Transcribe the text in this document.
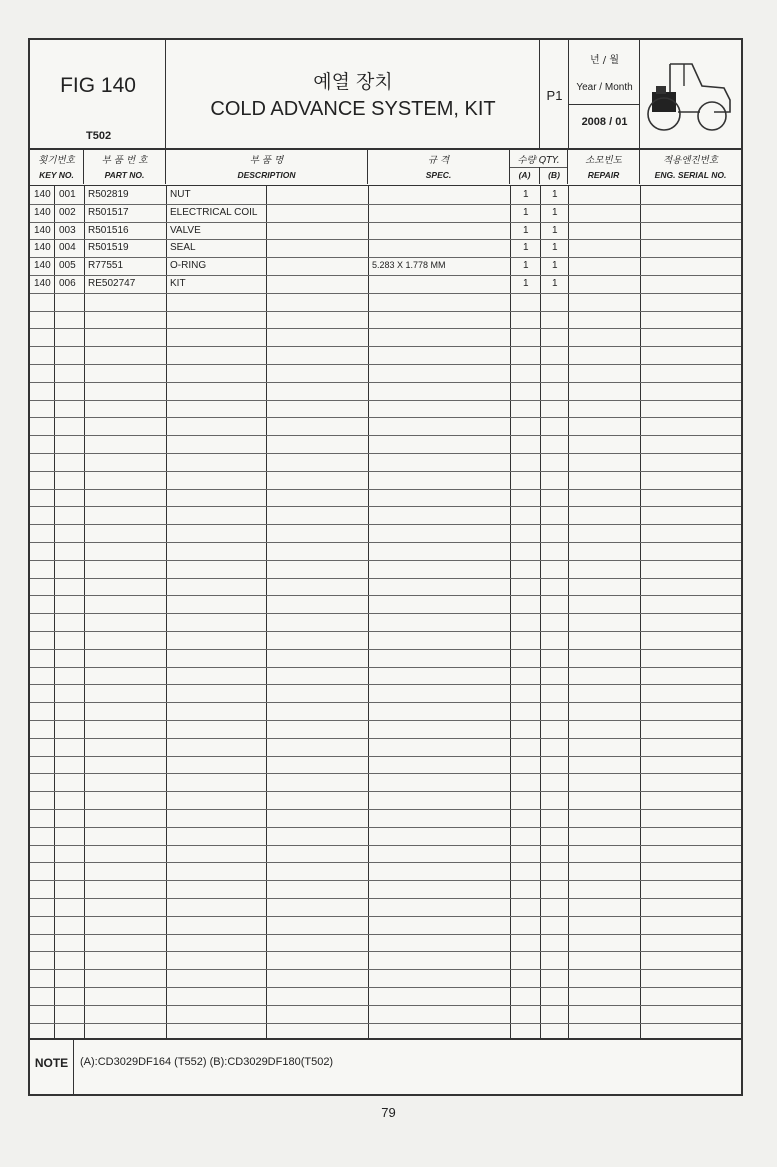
FIG 140
T502
예열 장치
COLD ADVANCE SYSTEM, KIT
P1
년 / 월
Year / Month
2008 / 01
횟기번호
KEY NO.
부 품 번 호
PART NO.
부 품 명
DESCRIPTION
규 격
SPEC.
수량 QTY.
(A)	(B)
소모빈도
REPAIR
적용엔진번호
ENG. SERIAL NO.
140 001 R502819	NUT	1 1
140 002 R501517	ELECTRICAL COIL	1 1
140 003 R501516	VALVE	1 1
140 004 R501519	SEAL	1 1
140 005 R77551	O-RING	5.283 X 1.778 MM	1 1
140 006 RE502747	KIT	1 1
NOTE	(A):CD3029DF164 (T552) (B):CD3029DF180(T502)
79
